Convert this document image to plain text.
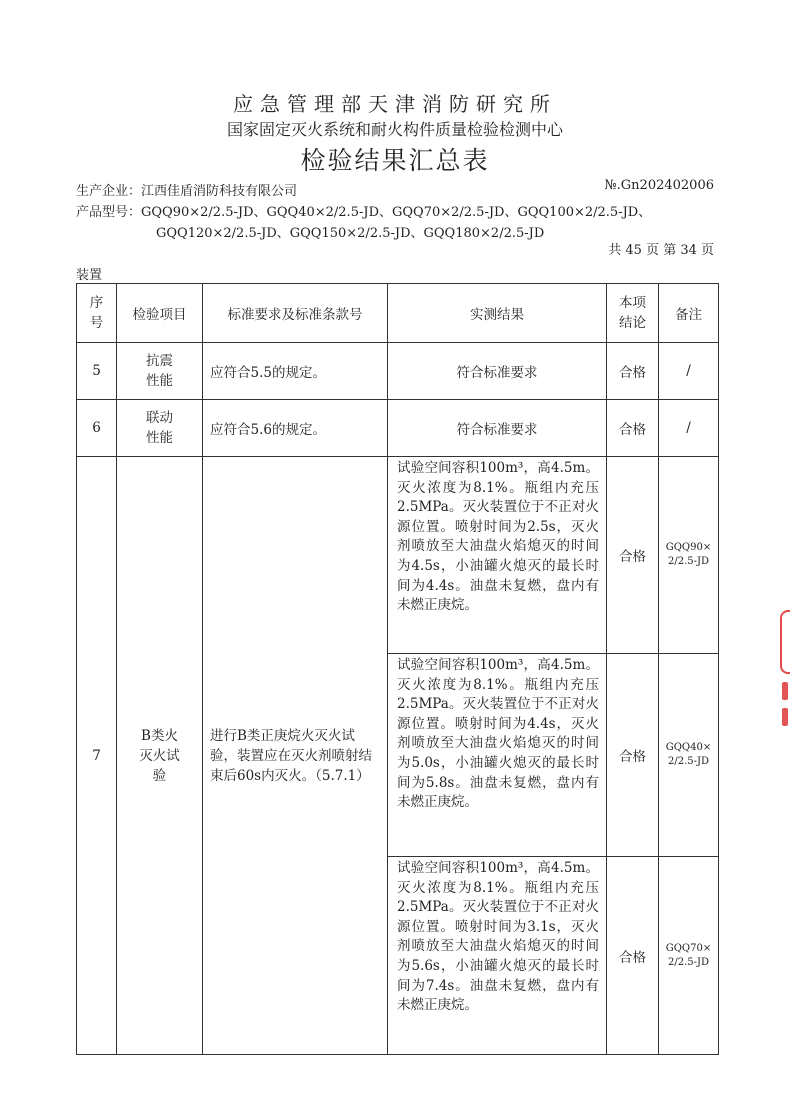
应急管理部天津消防研究所
国家固定灭火系统和耐火构件质量检验检测中心
检验结果汇总表
生产企业：江西佳盾消防科技有限公司	№.Gn202402006
产品型号：GQQ90×2/2.5-JD、GQQ40×2/2.5-JD、GQQ70×2/2.5-JD、GQQ100×2/2.5-JD、
GQQ120×2/2.5-JD、GQQ150×2/2.5-JD、GQQ180×2/2.5-JD
共 45 页 第 34 页
装置
序号	检验项目	标准要求及标准条款号	实测结果	本项结论	备注
5	抗震性能	应符合5.5的规定。	符合标准要求	合格	/
6	联动性能	应符合5.6的规定。	符合标准要求	合格	/
7	B类火灭火试验	进行B类正庚烷火灭火试验，装置应在灭火剂喷射结束后60s内灭火。（5.7.1）	试验空间容积100m³，高4.5m。灭火浓度为8.1%。瓶组内充压2.5MPa。灭火装置位于不正对火源位置。喷射时间为2.5s，灭火剂喷放至大油盘火焰熄灭的时间为4.5s，小油罐火熄灭的最长时间为4.4s。油盘未复燃，盘内有未燃正庚烷。	合格	GQQ90×2/2.5-JD
			试验空间容积100m³，高4.5m。灭火浓度为8.1%。瓶组内充压2.5MPa。灭火装置位于不正对火源位置。喷射时间为4.4s，灭火剂喷放至大油盘火焰熄灭的时间为5.0s，小油罐火熄灭的最长时间为5.8s。油盘未复燃，盘内有未燃正庚烷。	合格	GQQ40×2/2.5-JD
			试验空间容积100m³，高4.5m。灭火浓度为8.1%。瓶组内充压2.5MPa。灭火装置位于不正对火源位置。喷射时间为3.1s，灭火剂喷放至大油盘火焰熄灭的时间为5.6s，小油罐火熄灭的最长时间为7.4s。油盘未复燃，盘内有未燃正庚烷。	合格	GQQ70×2/2.5-JD
